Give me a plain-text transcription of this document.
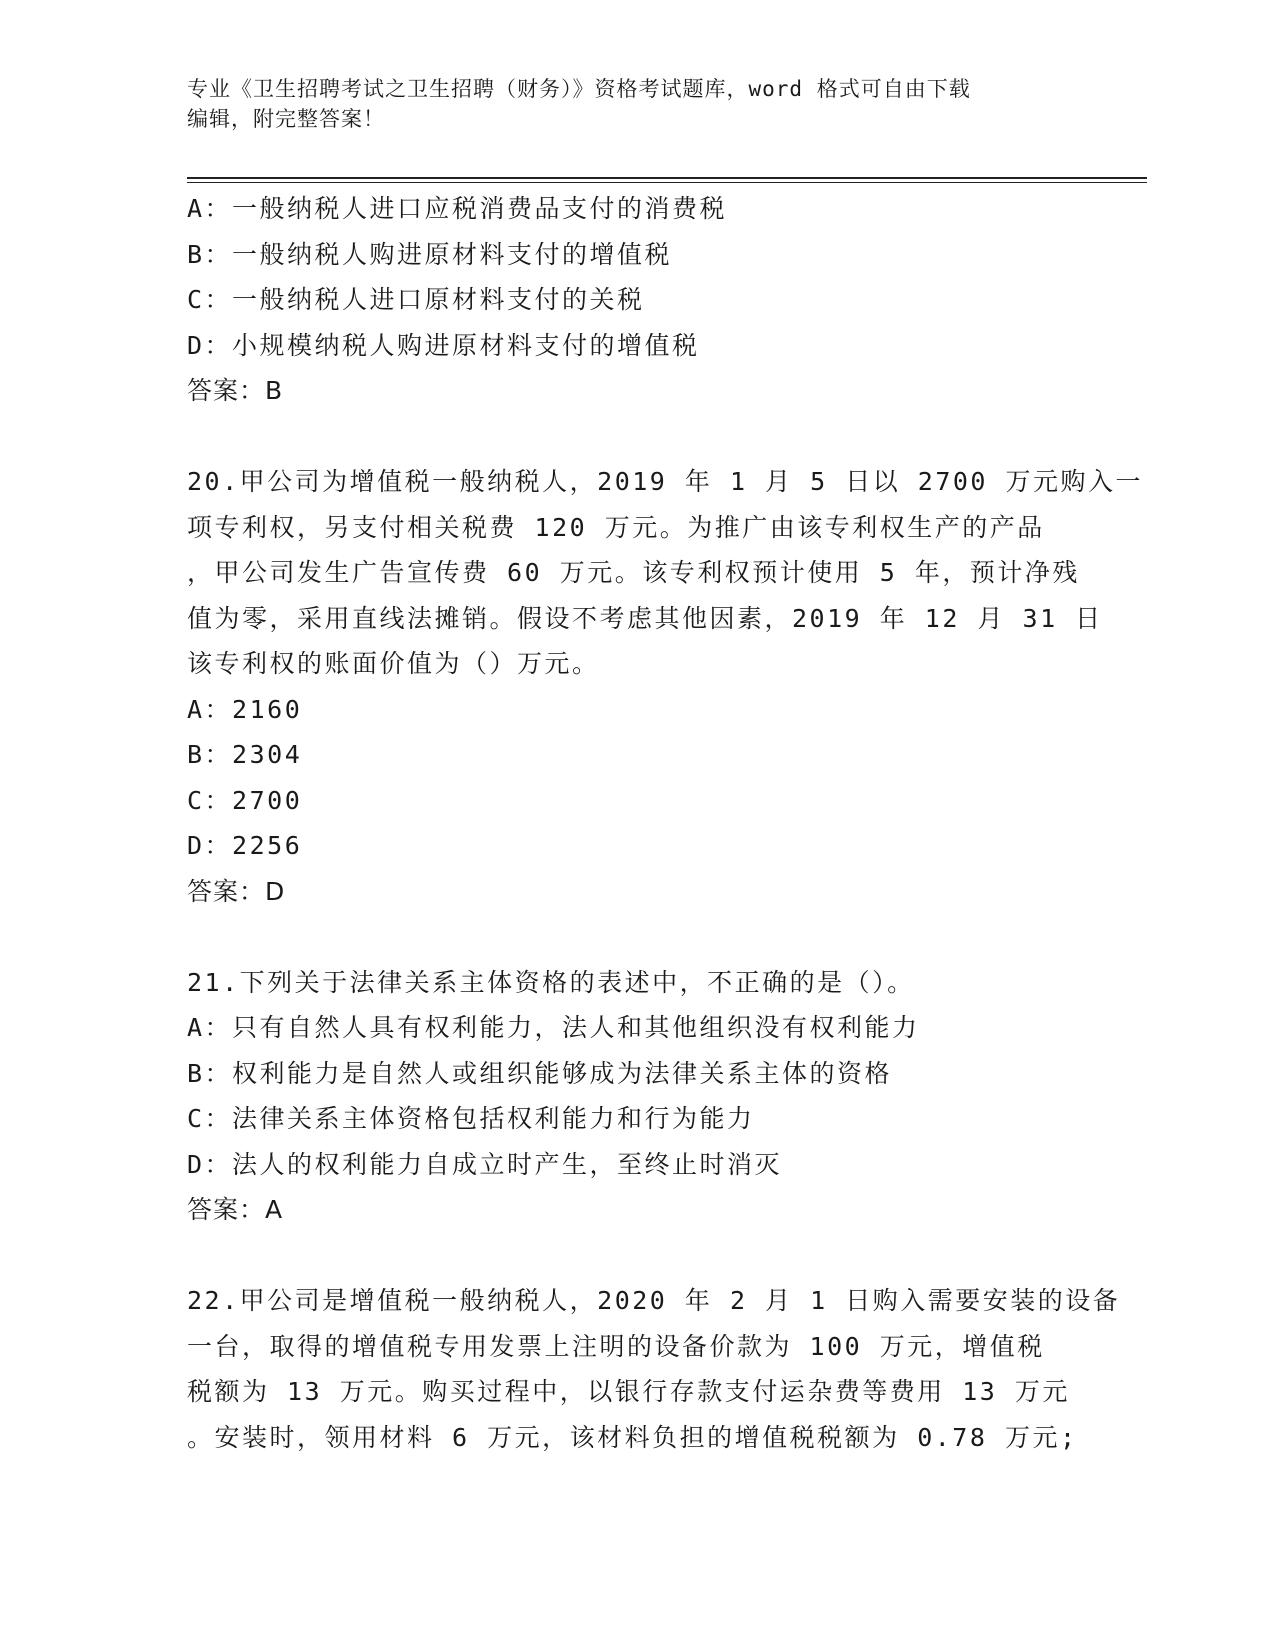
专业《卫生招聘考试之卫生招聘（财务）》资格考试题库，word 格式可自由下载
编辑，附完整答案！
A：一般纳税人进口应税消费品支付的消费税
B：一般纳税人购进原材料支付的增值税
C：一般纳税人进口原材料支付的关税
D：小规模纳税人购进原材料支付的增值税
答案：B
20.甲公司为增值税一般纳税人，2019 年 1 月 5 日以 2700 万元购入一
项专利权，另支付相关税费 120 万元。为推广由该专利权生产的产品
，甲公司发生广告宣传费 60 万元。该专利权预计使用 5 年，预计净残
值为零，采用直线法摊销。假设不考虑其他因素，2019 年 12 月 31 日
该专利权的账面价值为（）万元。
A：2160
B：2304
C：2700
D：2256
答案：D
21.下列关于法律关系主体资格的表述中，不正确的是（）。
A：只有自然人具有权利能力，法人和其他组织没有权利能力
B：权利能力是自然人或组织能够成为法律关系主体的资格
C：法律关系主体资格包括权利能力和行为能力
D：法人的权利能力自成立时产生，至终止时消灭
答案：A
22.甲公司是增值税一般纳税人，2020 年 2 月 1 日购入需要安装的设备
一台，取得的增值税专用发票上注明的设备价款为 100 万元，增值税
税额为 13 万元。购买过程中，以银行存款支付运杂费等费用 13 万元
。安装时，领用材料 6 万元，该材料负担的增值税税额为 0.78 万元;
